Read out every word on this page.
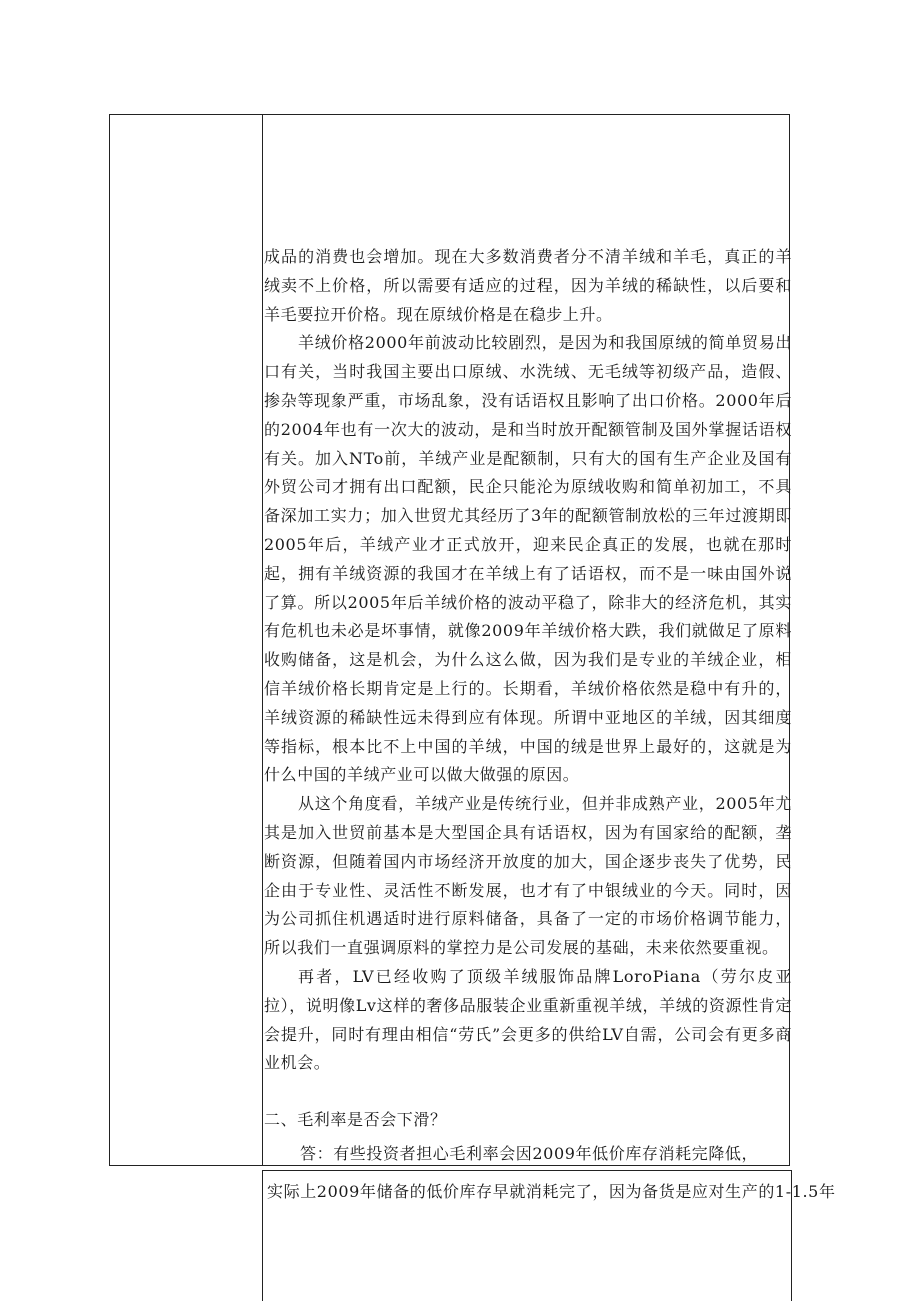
成品的消费也会增加。现在大多数消费者分不清羊绒和羊毛，真正的羊绒卖不上价格，所以需要有适应的过程，因为羊绒的稀缺性，以后要和羊毛要拉开价格。现在原绒价格是在稳步上升。

羊绒价格2000年前波动比较剧烈，是因为和我国原绒的简单贸易出口有关，当时我国主要出口原绒、水洗绒、无毛绒等初级产品，造假、掺杂等现象严重，市场乱象，没有话语权且影响了出口价格。2000年后的2004年也有一次大的波动，是和当时放开配额管制及国外掌握话语权有关。加入NTo前，羊绒产业是配额制，只有大的国有生产企业及国有外贸公司才拥有出口配额，民企只能沦为原绒收购和简单初加工，不具备深加工实力；加入世贸尤其经历了3年的配额管制放松的三年过渡期即2005年后，羊绒产业才正式放开，迎来民企真正的发展，也就在那时起，拥有羊绒资源的我国才在羊绒上有了话语权，而不是一味由国外说了算。所以2005年后羊绒价格的波动平稳了，除非大的经济危机，其实有危机也未必是坏事情，就像2009年羊绒价格大跌，我们就做足了原料收购储备，这是机会，为什么这么做，因为我们是专业的羊绒企业，相信羊绒价格长期肯定是上行的。长期看，羊绒价格依然是稳中有升的，羊绒资源的稀缺性远未得到应有体现。所谓中亚地区的羊绒，因其细度等指标，根本比不上中国的羊绒，中国的绒是世界上最好的，这就是为什么中国的羊绒产业可以做大做强的原因。

从这个角度看，羊绒产业是传统行业，但并非成熟产业，2005年尤其是加入世贸前基本是大型国企具有话语权，因为有国家给的配额，垄断资源，但随着国内市场经济开放度的加大，国企逐步丧失了优势，民企由于专业性、灵活性不断发展，也才有了中银绒业的今天。同时，因为公司抓住机遇适时进行原料储备，具备了一定的市场价格调节能力，所以我们一直强调原料的掌控力是公司发展的基础，未来依然要重视。

再者，LV已经收购了顶级羊绒服饰品牌LoroPiana（劳尔皮亚拉），说明像Lv这样的奢侈品服装企业重新重视羊绒，羊绒的资源性肯定会提升，同时有理由相信“劳氏”会更多的供给LV自需，公司会有更多商业机会。

二、毛利率是否会下滑？

答：有些投资者担心毛利率会因2009年低价库存消耗完降低，
实际上2009年储备的低价库存早就消耗完了，因为备货是应对生产的1-1.5年
